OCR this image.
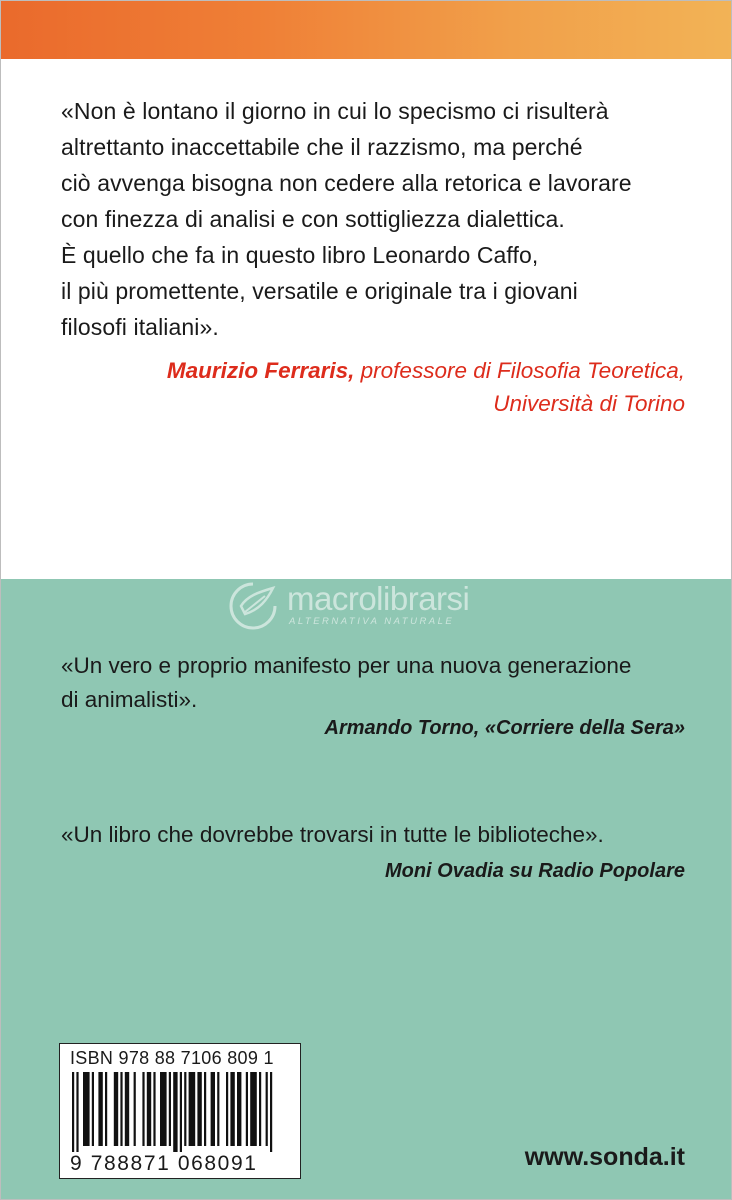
«Non è lontano il giorno in cui lo specismo ci risulterà
altrettanto inaccettabile che il razzismo, ma perché
ciò avvenga bisogna non cedere alla retorica e lavorare
con finezza di analisi e con sottigliezza dialettica.
È quello che fa in questo libro Leonardo Caffo,
il più promettente, versatile e originale tra i giovani
filosofi italiani».
Maurizio Ferraris, professore di Filosofia Teoretica,
Università di Torino
macrolibrarsi
ALTERNATIVA NATURALE
«Un vero e proprio manifesto per una nuova generazione
di animalisti».
Armando Torno, «Corriere della Sera»
«Un libro che dovrebbe trovarsi in tutte le biblioteche».
Moni Ovadia su Radio Popolare
ISBN 978 88 7106 809 1
9 788871 068091	www.sonda.it
